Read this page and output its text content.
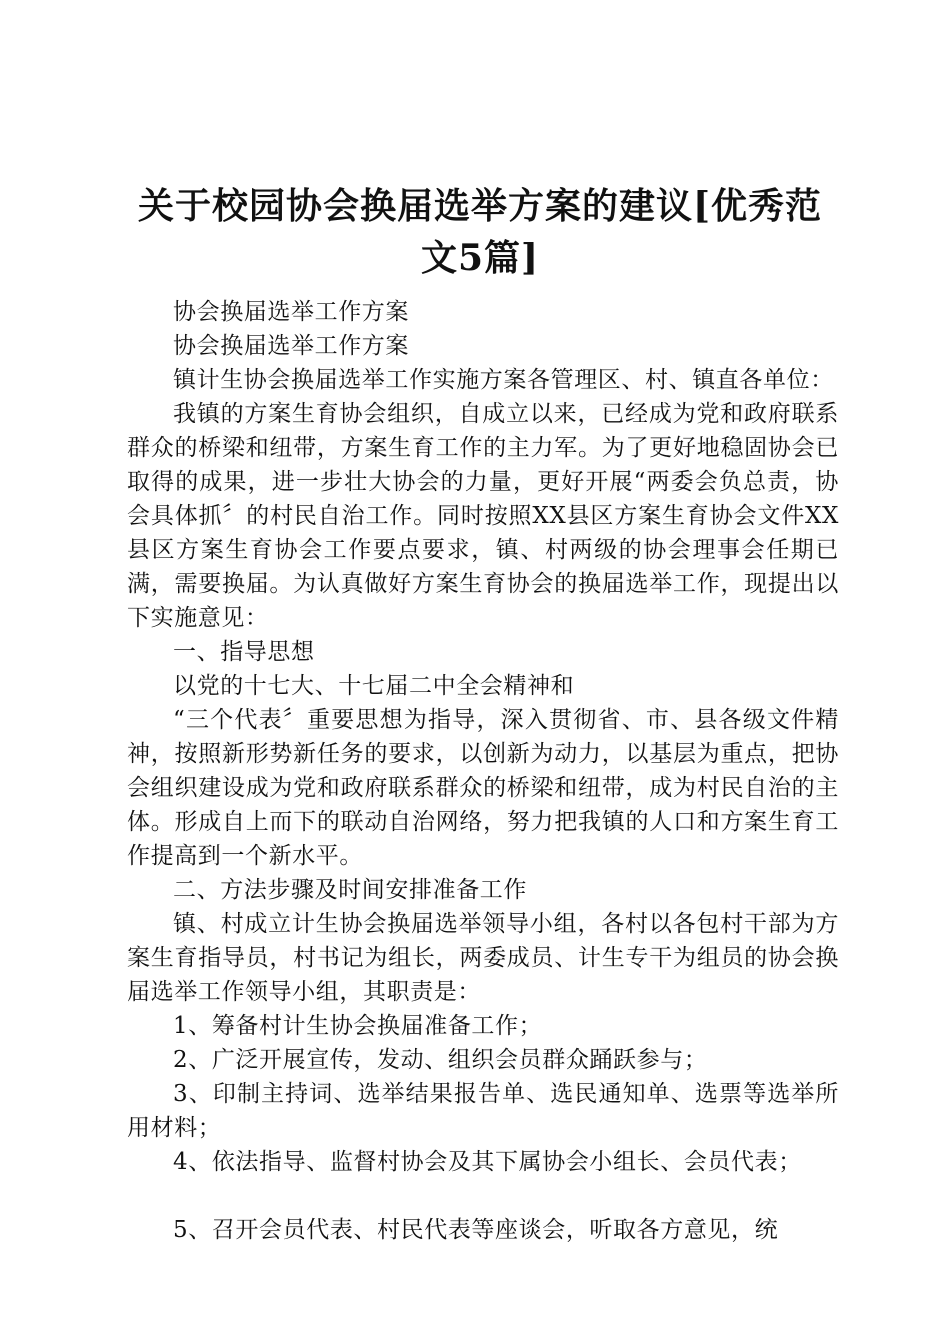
关于校园协会换届选举方案的建议[优秀范文5篇]

协会换届选举工作方案

协会换届选举工作方案

镇计生协会换届选举工作实施方案各管理区、村、镇直各单位：

我镇的方案生育协会组织，自成立以来，已经成为党和政府联系群众的桥梁和纽带，方案生育工作的主力军。为了更好地稳固协会已取得的成果，进一步壮大协会的力量，更好开展“两委会负总责，协会具体抓〞的村民自治工作。同时按照XX县区方案生育协会文件XX县区方案生育协会工作要点要求，镇、村两级的协会理事会任期已满，需要换届。为认真做好方案生育协会的换届选举工作，现提出以下实施意见：

一、指导思想

以党的十七大、十七届二中全会精神和

“三个代表〞重要思想为指导，深入贯彻省、市、县各级文件精神，按照新形势新任务的要求，以创新为动力，以基层为重点，把协会组织建设成为党和政府联系群众的桥梁和纽带，成为村民自治的主体。形成自上而下的联动自治网络，努力把我镇的人口和方案生育工作提高到一个新水平。

二、方法步骤及时间安排准备工作

镇、村成立计生协会换届选举领导小组，各村以各包村干部为方案生育指导员，村书记为组长，两委成员、计生专干为组员的协会换届选举工作领导小组，其职责是：

1、筹备村计生协会换届准备工作；

2、广泛开展宣传，发动、组织会员群众踊跃参与；

3、印制主持词、选举结果报告单、选民通知单、选票等选举所用材料；

4、依法指导、监督村协会及其下属协会小组长、会员代表；

5、召开会员代表、村民代表等座谈会，听取各方意见，统
